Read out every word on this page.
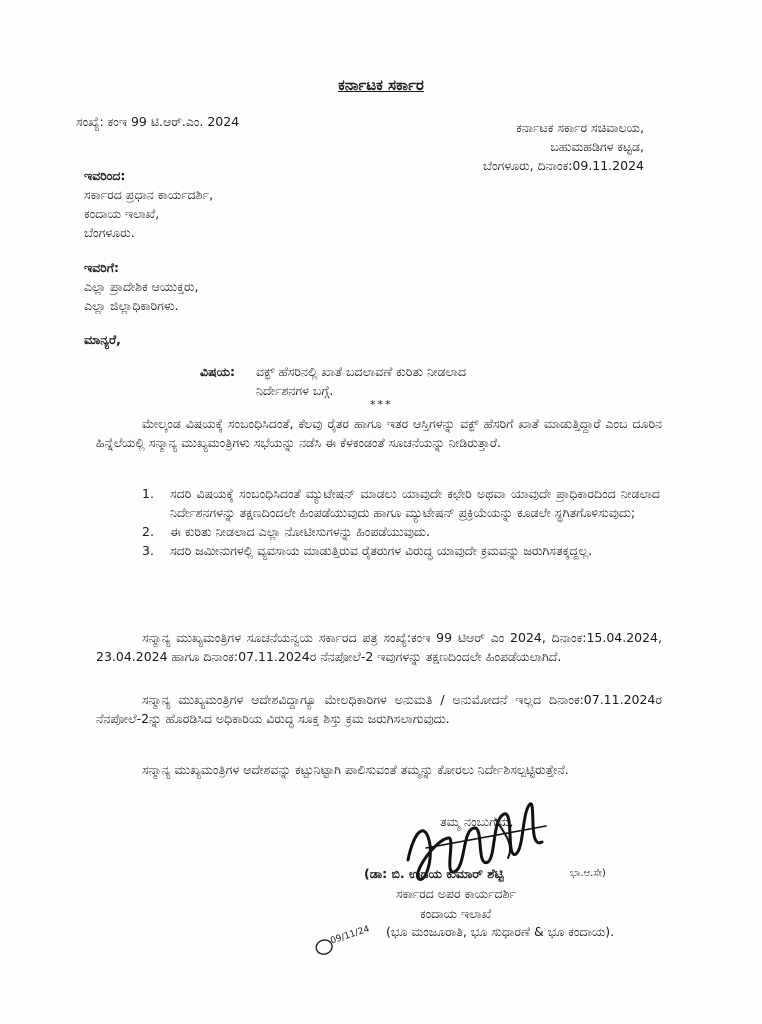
ಕರ್ನಾಟಕ ಸರ್ಕಾರ

ಸಂಖ್ಯೆ: ಕಂಇ 99 ಟಿ.ಆರ್.ಎಂ. 2024	ಕರ್ನಾಟಕ ಸರ್ಕಾರ ಸಚಿವಾಲಯ,

ಬಹುಮಹಡಿಗಳ ಕಟ್ಟಡ,

ಬೆಂಗಳೂರು, ದಿನಾಂಕ:09.11.2024

ಇವರಿಂದ:

ಸರ್ಕಾರದ ಪ್ರಧಾನ ಕಾರ್ಯದರ್ಶಿ,

ಕಂದಾಯ ಇಲಾಖೆ,

ಬೆಂಗಳೂರು.

ಇವರಿಗೆ:

ಎಲ್ಲಾ ಪ್ರಾದೇಶಿಕ ಆಯುಕ್ತರು,

ಎಲ್ಲಾ ಜಿಲ್ಲಾಧಿಕಾರಿಗಳು.

ಮಾನ್ಯರೆ,

ವಿಷಯ: ವಕ್ಫ್ ಹೆಸರಿನಲ್ಲಿ ಖಾತೆ ಬದಲಾವಣೆ ಕುರಿತು ನೀಡಲಾದ

ನಿರ್ದೇಶನಗಳ ಬಗ್ಗೆ.

***

ಮೇಲ್ಕಂಡ ವಿಷಯಕ್ಕೆ ಸಂಬಂಧಿಸಿದಂತೆ, ಕೆಲವು ರೈತರ ಹಾಗೂ ಇತರ ಆಸ್ತಿಗಳನ್ನು ವಕ್ಫ್ ಹೆಸರಿಗೆ ಖಾತೆ ಮಾಡುತ್ತಿದ್ದಾರೆ ಎಂಬ ದೂರಿನ ಹಿನ್ನೆಲೆಯಲ್ಲಿ ಸನ್ಮಾನ್ಯ ಮುಖ್ಯಮಂತ್ರಿಗಳು ಸಭೆಯನ್ನು ನಡೆಸಿ ಈ ಕೆಳಕಂಡಂತೆ ಸೂಚನೆಯನ್ನು ನೀಡಿರುತ್ತಾರೆ.

1.	ಸದರಿ ವಿಷಯಕ್ಕೆ ಸಂಬಂಧಿಸಿದಂತೆ ಮ್ಯುಟೇಷನ್ ಮಾಡಲು ಯಾವುದೇ ಕಛೇರಿ ಅಥವಾ ಯಾವುದೇ ಪ್ರಾಧಿಕಾರದಿಂದ ನೀಡಲಾದ ನಿರ್ದೇಶನಗಳನ್ನು ತಕ್ಷಣದಿಂದಲೇ ಹಿಂಪಡೆಯುವುದು ಹಾಗೂ ಮ್ಯುಟೇಷನ್ ಪ್ರಕ್ರಿಯೆಯನ್ನು ಕೂಡಲೇ ಸ್ಥಗಿತಗೊಳಿಸುವುದು;
2.	ಈ ಕುರಿತು ನೀಡಲಾದ ಎಲ್ಲಾ ನೋಟೀಸುಗಳನ್ನು ಹಿಂಪಡೆಯುವುದು.
3.	ಸದರಿ ಜಮೀನುಗಳಲ್ಲಿ ವ್ಯವಸಾಯ ಮಾಡುತ್ತಿರುವ ರೈತರುಗಳ ವಿರುದ್ಧ ಯಾವುದೇ ಕ್ರಮವನ್ನು ಜರುಗಿಸತಕ್ಕದ್ದಲ್ಲ.

ಸನ್ಮಾನ್ಯ ಮುಖ್ಯಮಂತ್ರಿಗಳ ಸೂಚನೆಯನ್ವಯ ಸರ್ಕಾರದ ಪತ್ರ ಸಂಖ್ಯೆ:ಕಂಇ 99 ಟಿಆರ್ ಎಂ 2024, ದಿನಾಂಕ:15.04.2024, 23.04.2024 ಹಾಗೂ ದಿನಾಂಕ:07.11.2024ರ ನೆನಪೋಲೆ-2 ಇವುಗಳನ್ನು ತಕ್ಷಣದಿಂದಲೇ ಹಿಂಪಡೆಯಲಾಗಿದೆ.

ಸನ್ಮಾನ್ಯ ಮುಖ್ಯಮಂತ್ರಿಗಳ ಆದೇಶವಿದ್ದಾಗ್ಯೂ ಮೇಲಧಿಕಾರಿಗಳ ಅನುಮತಿ / ಅನುಮೋದನೆ ಇಲ್ಲದ ದಿನಾಂಕ:07.11.2024ರ ನೆನಪೋಲೆ-2ನ್ನು ಹೊರಡಿಸಿದ ಅಧಿಕಾರಿಯ ವಿರುದ್ಧ ಸೂಕ್ತ ಶಿಸ್ತು ಕ್ರಮ ಜರುಗಿಸಲಾಗುವುದು.

ಸನ್ಮಾನ್ಯ ಮುಖ್ಯಮಂತ್ರಿಗಳ ಆದೇಶವನ್ನು ಕಟ್ಟುನಿಟ್ಟಾಗಿ ಪಾಲಿಸುವಂತೆ ತಮ್ಮನ್ನು ಕೋರಲು ನಿರ್ದೇಶಿಸಲ್ಪಟ್ಟಿರುತ್ತೇನೆ.

ತಮ್ಮ ನಂಬುಗೆಯ,

(ಡಾ: ಬಿ. ಉದಯ ಕುಮಾರ್ ಶೆಟ್ಟಿ	ಭಾ.ಆ.ಸೇ)

ಸರ್ಕಾರದ ಅಪರ ಕಾರ್ಯದರ್ಶಿ

ಕಂದಾಯ ಇಲಾಖೆ

(ಭೂ ಮಂಜೂರಾತಿ, ಭೂ ಸುಧಾರಣೆ & ಭೂ ಕಂದಾಯ).

09/11/24
